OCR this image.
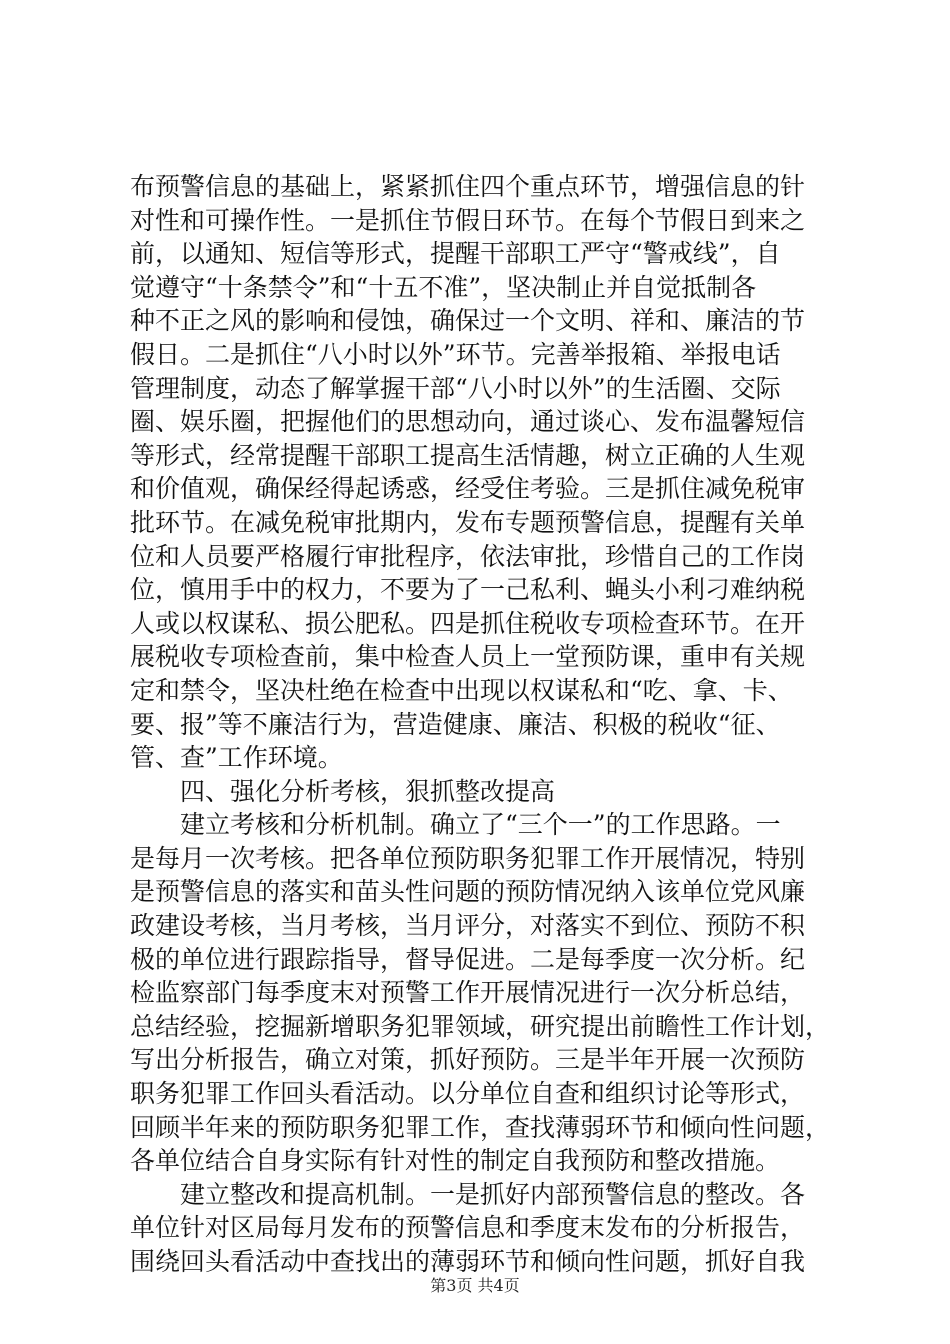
布预警信息的基础上，紧紧抓住四个重点环节，增强信息的针
对性和可操作性。一是抓住节假日环节。在每个节假日到来之
前，以通知、短信等形式，提醒干部职工严守“警戒线”，自
觉遵守“十条禁令”和“十五不准”，坚决制止并自觉抵制各
种不正之风的影响和侵蚀，确保过一个文明、祥和、廉洁的节
假日。二是抓住“八小时以外”环节。完善举报箱、举报电话
管理制度，动态了解掌握干部“八小时以外”的生活圈、交际
圈、娱乐圈，把握他们的思想动向，通过谈心、发布温馨短信
等形式，经常提醒干部职工提高生活情趣，树立正确的人生观
和价值观，确保经得起诱惑，经受住考验。三是抓住减免税审
批环节。在减免税审批期内，发布专题预警信息，提醒有关单
位和人员要严格履行审批程序，依法审批，珍惜自己的工作岗
位，慎用手中的权力，不要为了一己私利、蝇头小利刁难纳税
人或以权谋私、损公肥私。四是抓住税收专项检查环节。在开
展税收专项检查前，集中检查人员上一堂预防课，重申有关规
定和禁令，坚决杜绝在检查中出现以权谋私和“吃、拿、卡、
要、报”等不廉洁行为，营造健康、廉洁、积极的税收“征、
管、查”工作环境。
　　四、强化分析考核，狠抓整改提高
　　建立考核和分析机制。确立了“三个一”的工作思路。一
是每月一次考核。把各单位预防职务犯罪工作开展情况，特别
是预警信息的落实和苗头性问题的预防情况纳入该单位党风廉
政建设考核，当月考核，当月评分，对落实不到位、预防不积
极的单位进行跟踪指导，督导促进。二是每季度一次分析。纪
检监察部门每季度末对预警工作开展情况进行一次分析总结，
总结经验，挖掘新增职务犯罪领域，研究提出前瞻性工作计划，
写出分析报告，确立对策，抓好预防。三是半年开展一次预防
职务犯罪工作回头看活动。以分单位自查和组织讨论等形式，
回顾半年来的预防职务犯罪工作，查找薄弱环节和倾向性问题，
各单位结合自身实际有针对性的制定自我预防和整改措施。
　　建立整改和提高机制。一是抓好内部预警信息的整改。各
单位针对区局每月发布的预警信息和季度末发布的分析报告，
围绕回头看活动中查找出的薄弱环节和倾向性问题，抓好自我
第3页 共4页
